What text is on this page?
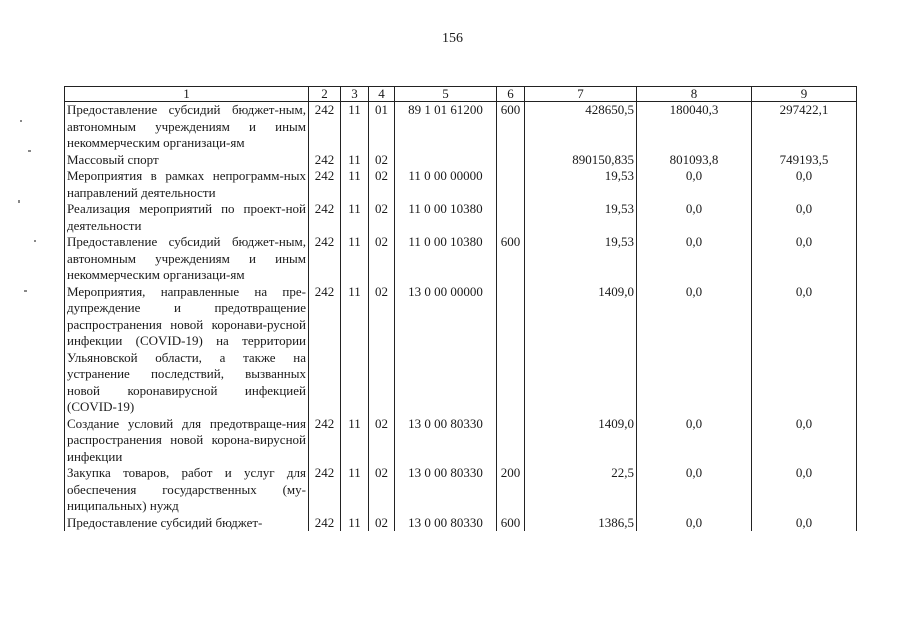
156
1	2	3	4	5	6	7	8	9
Предоставление субсидий бюджет-ным, автономным учреждениям и иным некоммерческим организаци-ям	242	11	01	89 1 01 61200	600	428650,5	180040,3	297422,1
Массовый спорт	242	11	02			890150,835	801093,8	749193,5
Мероприятия в рамках непрограмм-ных направлений деятельности	242	11	02	11 0 00 00000		19,53	0,0	0,0
Реализация мероприятий по проект-ной деятельности	242	11	02	11 0 00 10380		19,53	0,0	0,0
Предоставление субсидий бюджет-ным, автономным учреждениям и иным некоммерческим организаци-ям	242	11	02	11 0 00 10380	600	19,53	0,0	0,0
Мероприятия, направленные на пре-дупреждение и предотвращение распространения новой коронави-русной инфекции (COVID-19) на территории Ульяновской области, а также на устранение последствий, вызванных новой коронавирусной инфекцией (COVID-19)	242	11	02	13 0 00 00000		1409,0	0,0	0,0
Создание условий для предотвраще-ния распространения новой корона-вирусной инфекции	242	11	02	13 0 00 80330		1409,0	0,0	0,0
Закупка товаров, работ и услуг для обеспечения государственных (му-ниципальных) нужд	242	11	02	13 0 00 80330	200	22,5	0,0	0,0
Предоставление субсидий бюджет-	242	11	02	13 0 00 80330	600	1386,5	0,0	0,0
